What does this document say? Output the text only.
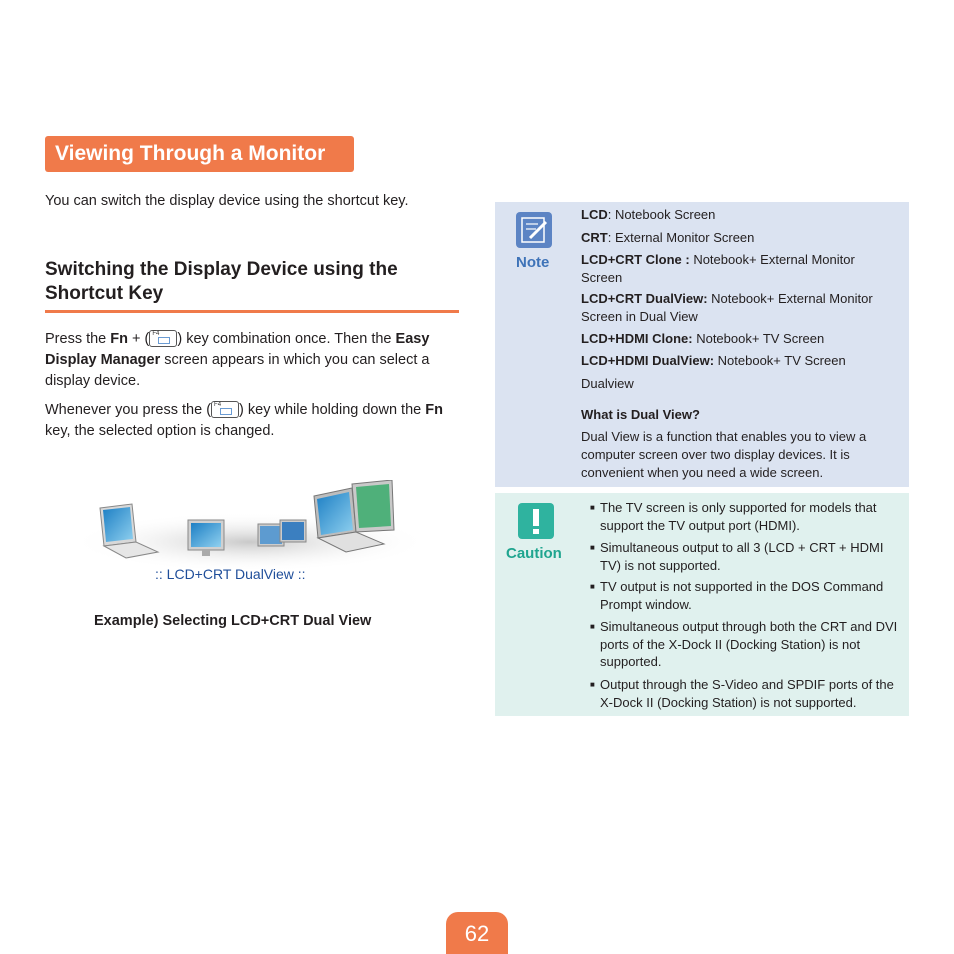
Viewing Through a Monitor
You can switch the display device using the shortcut key.
Switching the Display Device using the Shortcut Key
Press the Fn + ( F4 ) key combination once. Then the Easy Display Manager screen appears in which you can select a display device.
Whenever you press the ( F4 ) key while holding down the Fn key, the selected option is changed.
:: LCD+CRT DualView ::
Example) Selecting LCD+CRT Dual View
Note
LCD: Notebook Screen
CRT: External Monitor Screen
LCD+CRT Clone : Notebook+ External Monitor Screen
LCD+CRT DualView: Notebook+ External Monitor Screen in Dual View
LCD+HDMI Clone: Notebook+ TV Screen
LCD+HDMI DualView: Notebook+ TV Screen
Dualview
What is Dual View?
Dual View is a function that enables you to view a computer screen over two display devices. It is convenient when you need a wide screen.
Caution
■ The TV screen is only supported for models that support the TV output port (HDMI).
■ Simultaneous output to all 3 (LCD + CRT + HDMI TV) is not supported.
■ TV output is not supported in the DOS Command Prompt window.
■ Simultaneous output through both the CRT and DVI ports of the X-Dock II (Docking Station) is not supported.
■ Output through the S-Video and SPDIF ports of the X-Dock II (Docking Station) is not supported.
62
